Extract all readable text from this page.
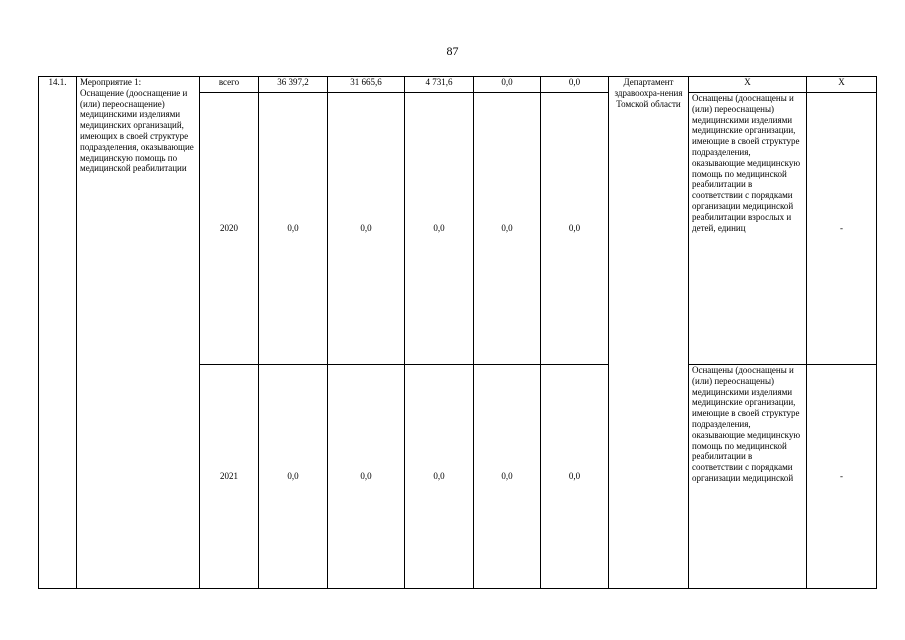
87
14.1.	Мероприятие 1:
Оснащение (дооснащение и (или) переоснащение) медицинскими изделиями медицинских организаций, имеющих в своей структуре подразделения, оказывающие медицинскую помощь по медицинской реабилитации	всего	36 397,2	31 665,6	4 731,6	0,0	0,0	Департамент здравоохра-нения Томской области	X	X
		2020	0,0	0,0	0,0	0,0	0,0		Оснащены (дооснащены и (или) переоснащены) медицинскими изделиями медицинские организации, имеющие в своей структуре подразделения, оказывающие медицинскую помощь по медицинской реабилитации в соответствии с порядками организации медицинской реабилитации взрослых и детей, единиц	-
		2021	0,0	0,0	0,0	0,0	0,0		Оснащены (дооснащены и (или) переоснащены) медицинскими изделиями медицинские организации, имеющие в своей структуре подразделения, оказывающие медицинскую помощь по медицинской реабилитации в соответствии с порядками организации медицинской	-
